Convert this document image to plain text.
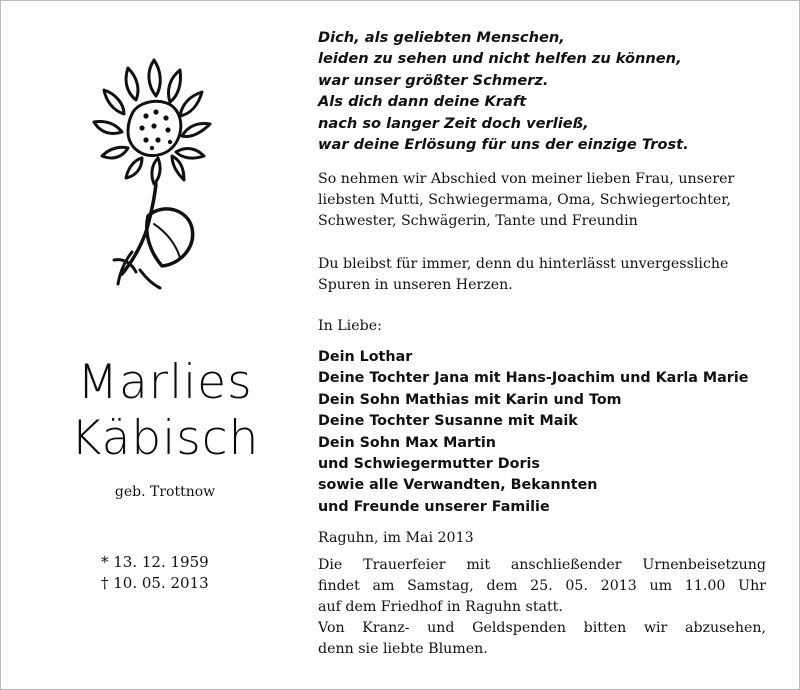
Marlies
Käbisch
geb. Trottnow
* 13. 12. 1959
† 10. 05. 2013
Dich, als geliebten Menschen,
leiden zu sehen und nicht helfen zu können,
war unser größter Schmerz.
Als dich dann deine Kraft
nach so langer Zeit doch verließ,
war deine Erlösung für uns der einzige Trost.
So nehmen wir Abschied von meiner lieben Frau, unserer
liebsten Mutti, Schwiegermama, Oma, Schwiegertochter,
Schwester, Schwägerin, Tante und Freundin
Du bleibst für immer, denn du hinterlässt unvergessliche
Spuren in unseren Herzen.
In Liebe:
Dein Lothar
Deine Tochter Jana mit Hans-Joachim und Karla Marie
Dein Sohn Mathias mit Karin und Tom
Deine Tochter Susanne mit Maik
Dein Sohn Max Martin
und Schwiegermutter Doris
sowie alle Verwandten, Bekannten
und Freunde unserer Familie
Raguhn, im Mai 2013
Die Trauerfeier mit anschließender Urnenbeisetzung
findet am Samstag, dem 25. 05. 2013 um 11.00 Uhr
auf dem Friedhof in Raguhn statt.
Von Kranz- und Geldspenden bitten wir abzusehen,
denn sie liebte Blumen.
